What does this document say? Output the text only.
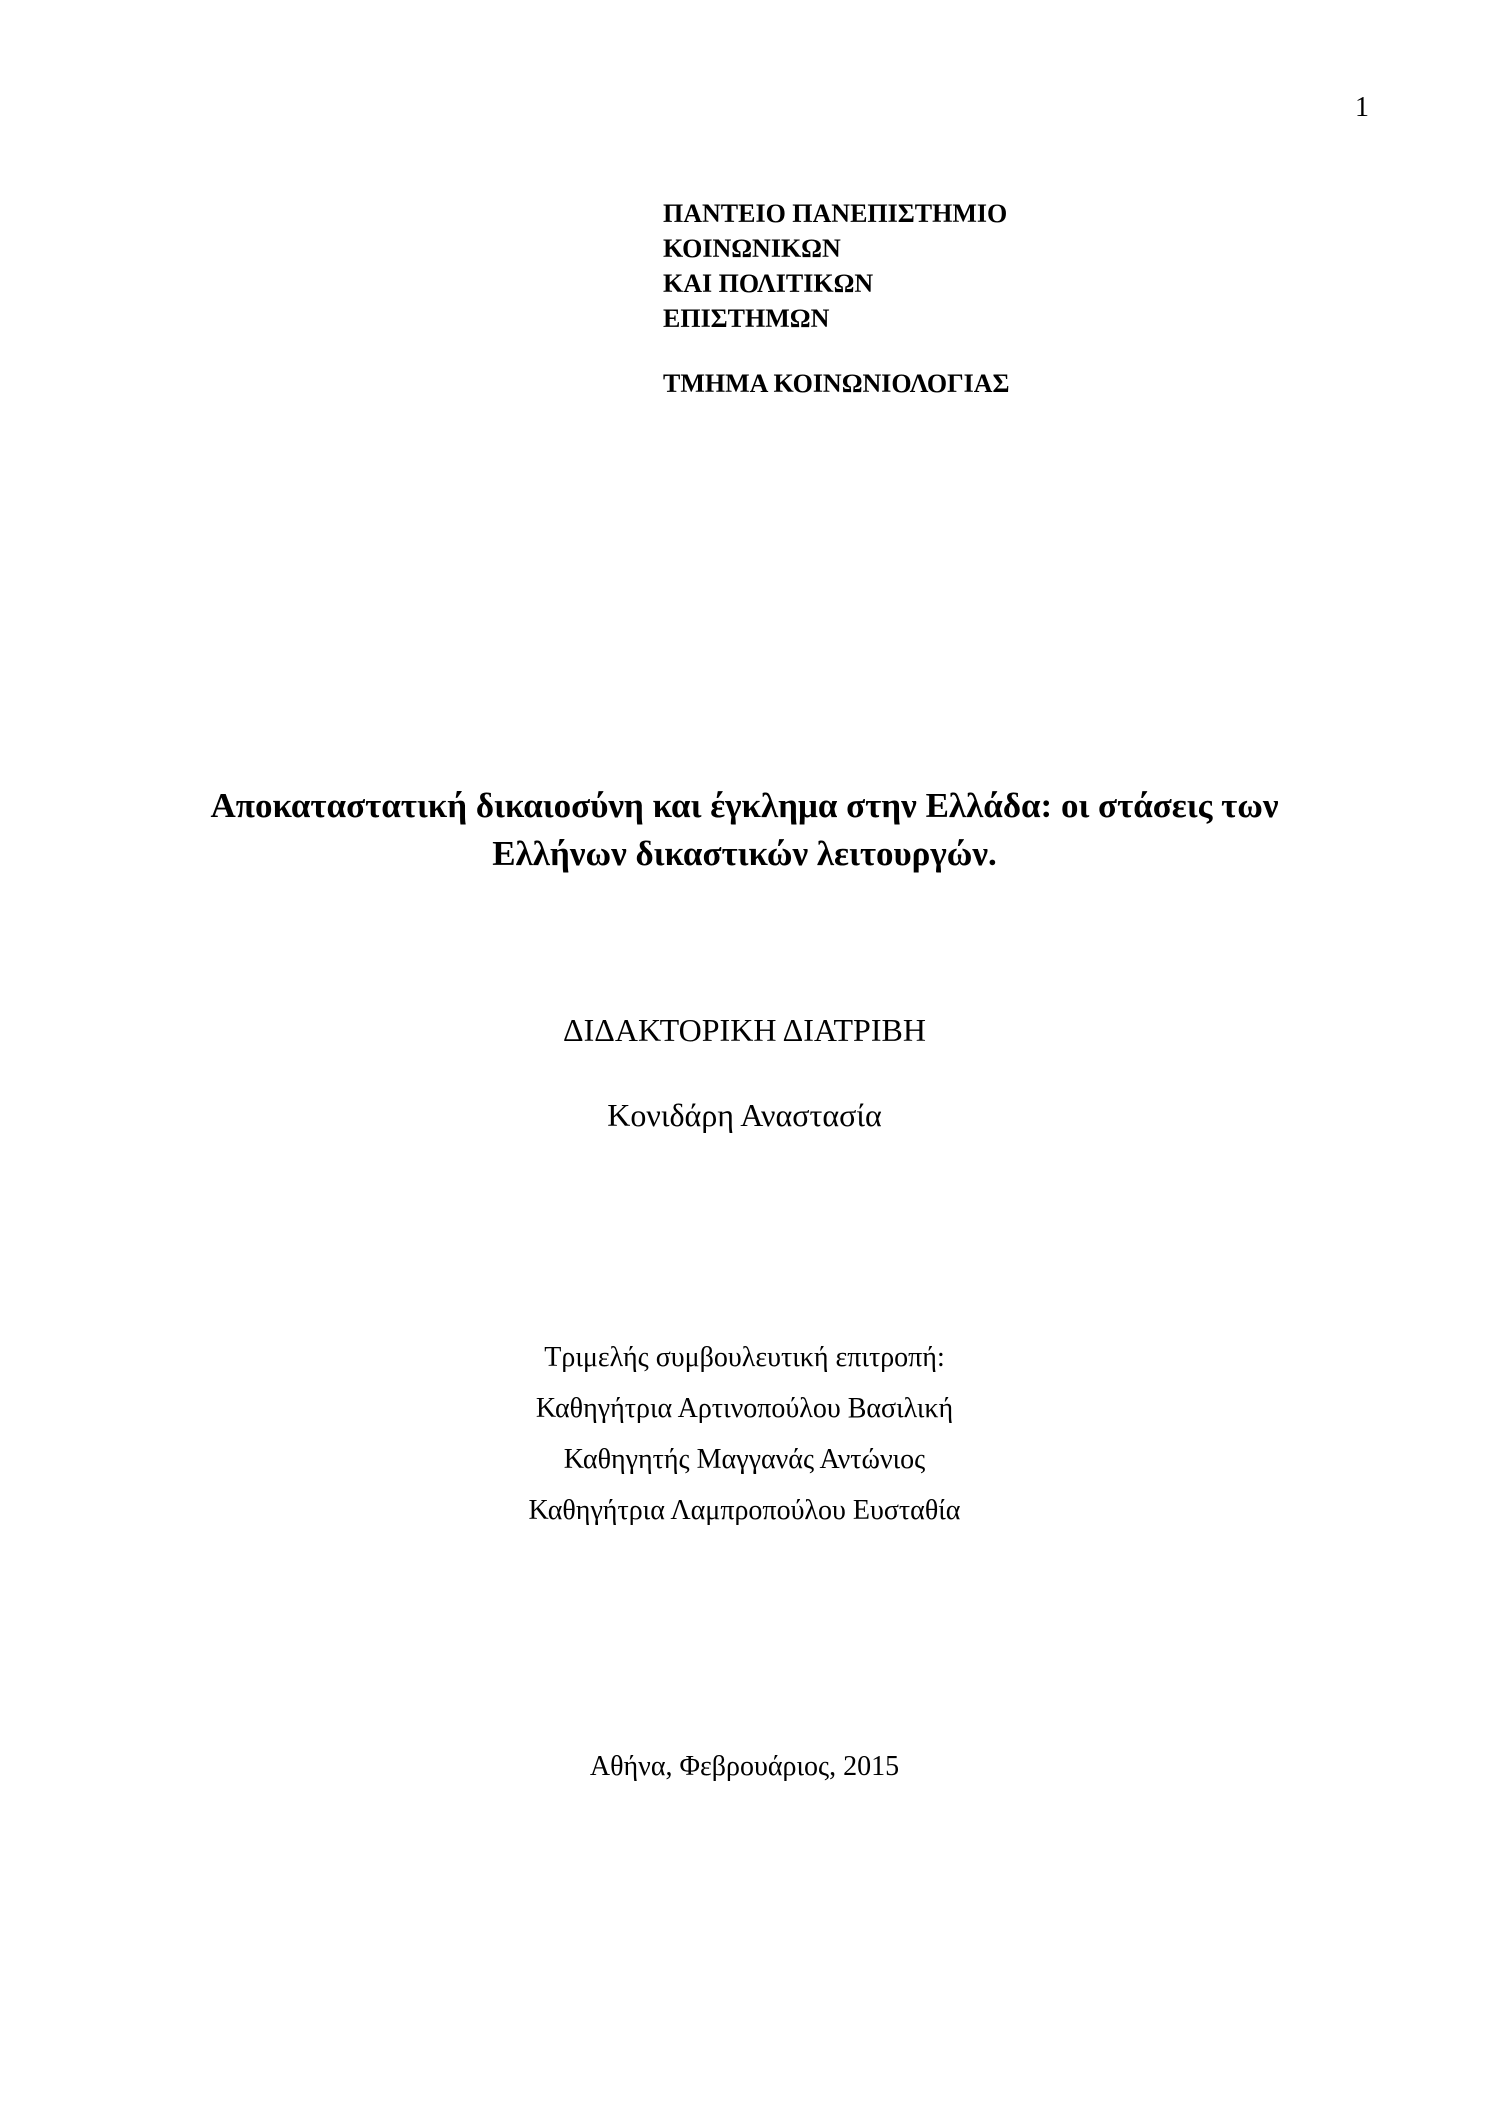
1
ΠΑΝΤΕΙΟ ΠΑΝΕΠΙΣΤΗΜΙΟ
ΚΟΙΝΩΝΙΚΩΝ
ΚΑΙ ΠΟΛΙΤΙΚΩΝ
ΕΠΙΣΤΗΜΩΝ
ΤΜΗΜΑ ΚΟΙΝΩΝΙΟΛΟΓΙΑΣ
Αποκαταστατική δικαιοσύνη και έγκλημα στην Ελλάδα: οι στάσεις των
Ελλήνων δικαστικών λειτουργών.
ΔΙΔΑΚΤΟΡΙΚΗ ΔΙΑΤΡΙΒΗ
Κονιδάρη Αναστασία
Τριμελής συμβουλευτική επιτροπή:
Καθηγήτρια Αρτινοπούλου Βασιλική
Καθηγητής Μαγγανάς Αντώνιος
Καθηγήτρια Λαμπροπούλου Ευσταθία
Αθήνα, Φεβρουάριος, 2015
